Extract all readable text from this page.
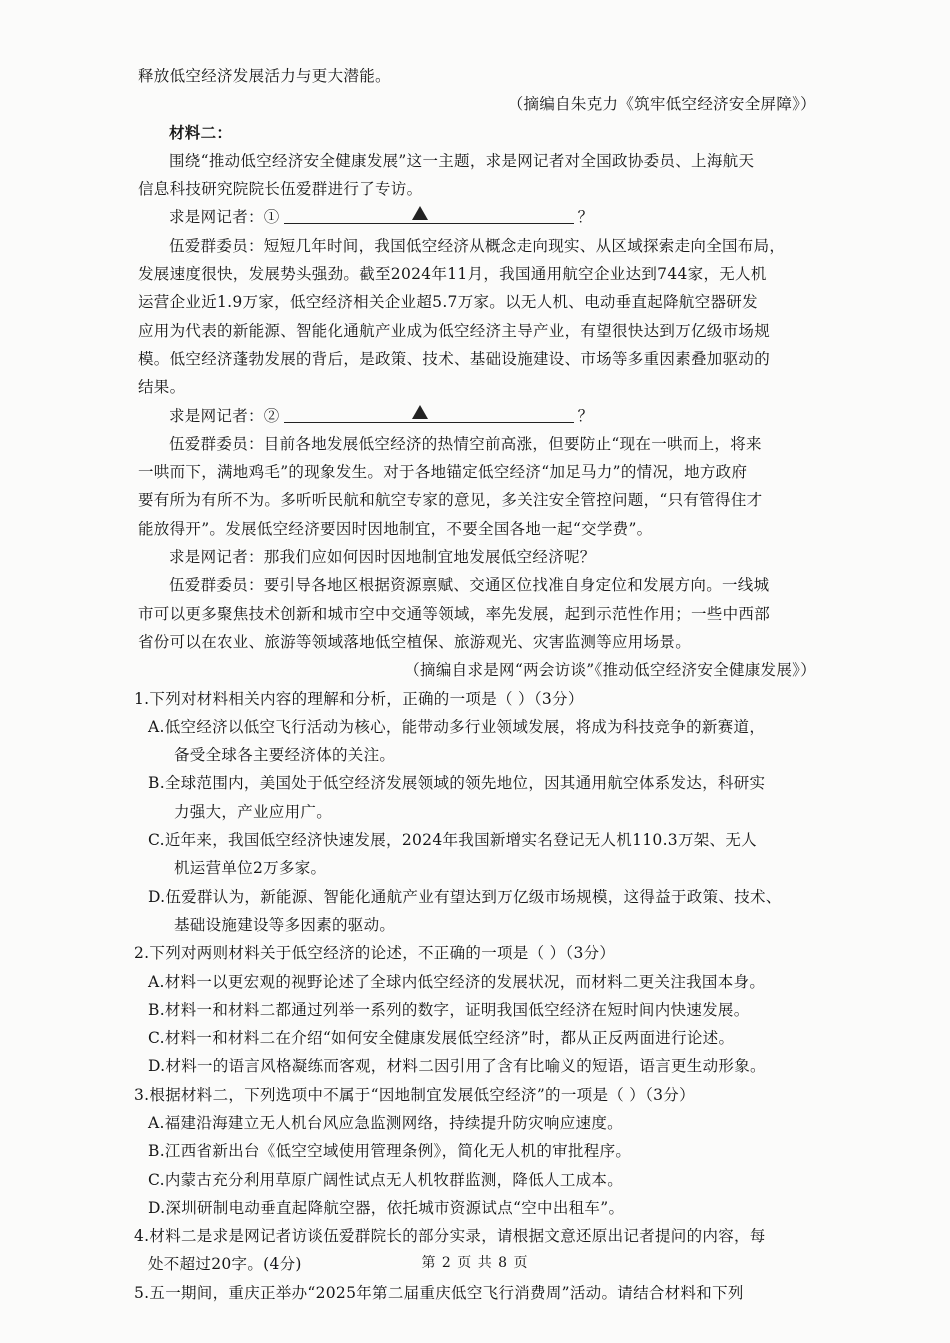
释放低空经济发展活力与更大潜能。
（摘编自朱克力《筑牢低空经济安全屏障》）
材料二：
围绕“推动低空经济安全健康发展”这一主题，求是网记者对全国政协委员、上海航天
信息科技研究院院长伍爱群进行了专访。
求是网记者：①	？
伍爱群委员：短短几年时间，我国低空经济从概念走向现实、从区域探索走向全国布局，
发展速度很快，发展势头强劲。截至2024年11月，我国通用航空企业达到744家，无人机
运营企业近1.9万家，低空经济相关企业超5.7万家。以无人机、电动垂直起降航空器研发
应用为代表的新能源、智能化通航产业成为低空经济主导产业，有望很快达到万亿级市场规
模。低空经济蓬勃发展的背后，是政策、技术、基础设施建设、市场等多重因素叠加驱动的
结果。
求是网记者：②	？
伍爱群委员：目前各地发展低空经济的热情空前高涨，但要防止“现在一哄而上，将来
一哄而下，满地鸡毛”的现象发生。对于各地锚定低空经济“加足马力”的情况，地方政府
要有所为有所不为。多听听民航和航空专家的意见，多关注安全管控问题，“只有管得住才
能放得开”。发展低空经济要因时因地制宜，不要全国各地一起“交学费”。
求是网记者：那我们应如何因时因地制宜地发展低空经济呢？
伍爱群委员：要引导各地区根据资源禀赋、交通区位找准自身定位和发展方向。一线城
市可以更多聚焦技术创新和城市空中交通等领域，率先发展，起到示范性作用；一些中西部
省份可以在农业、旅游等领域落地低空植保、旅游观光、灾害监测等应用场景。
（摘编自求是网“两会访谈”《推动低空经济安全健康发展》）
1.下列对材料相关内容的理解和分析，正确的一项是（ ）（3分）
A.低空经济以低空飞行活动为核心，能带动多行业领域发展，将成为科技竞争的新赛道，
备受全球各主要经济体的关注。
B.全球范围内，美国处于低空经济发展领域的领先地位，因其通用航空体系发达，科研实
力强大，产业应用广。
C.近年来，我国低空经济快速发展，2024年我国新增实名登记无人机110.3万架、无人
机运营单位2万多家。
D.伍爱群认为，新能源、智能化通航产业有望达到万亿级市场规模，这得益于政策、技术、
基础设施建设等多因素的驱动。
2.下列对两则材料关于低空经济的论述，不正确的一项是（ ）（3分）
A.材料一以更宏观的视野论述了全球内低空经济的发展状况，而材料二更关注我国本身。
B.材料一和材料二都通过列举一系列的数字，证明我国低空经济在短时间内快速发展。
C.材料一和材料二在介绍“如何安全健康发展低空经济”时，都从正反两面进行论述。
D.材料一的语言风格凝练而客观，材料二因引用了含有比喻义的短语，语言更生动形象。
3.根据材料二，下列选项中不属于“因地制宜发展低空经济”的一项是（ ）（3分）
A.福建沿海建立无人机台风应急监测网络，持续提升防灾响应速度。
B.江西省新出台《低空空域使用管理条例》，简化无人机的审批程序。
C.内蒙古充分利用草原广阔性试点无人机牧群监测，降低人工成本。
D.深圳研制电动垂直起降航空器，依托城市资源试点“空中出租车”。
4.材料二是求是网记者访谈伍爱群院长的部分实录，请根据文意还原出记者提问的内容，每
处不超过20字。(4分)
5.五一期间，重庆正举办“2025年第二届重庆低空飞行消费周”活动。请结合材料和下列
第 2 页 共 8 页
